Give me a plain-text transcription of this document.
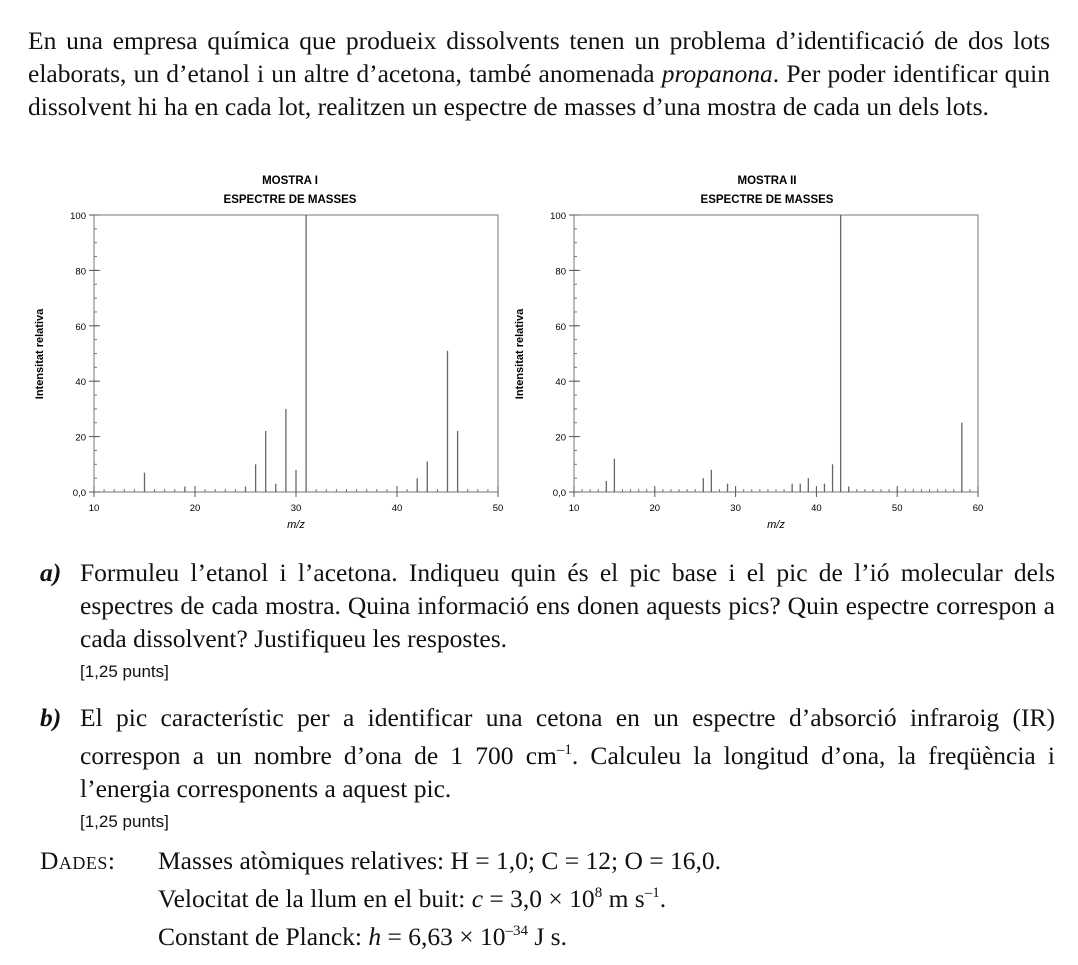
En una empresa química que produeix dissolvents tenen un problema d’identificació de dos lots elaborats, un d’etanol i un altre d’acetona, també anomenada propanona. Per poder identificar quin dissolvent hi ha en cada lot, realitzen un espectre de masses d’una mostra de cada un dels lots.
MOSTRA I
ESPECTRE DE MASSES
0,0
20
40
60
80
100
10	20	30	40	50
Intensitat relativa
m/z
MOSTRA II
ESPECTRE DE MASSES
0,0
20
40
60
80
100
10	20	30	40	50	60
Intensitat relativa
m/z
a) Formuleu l’etanol i l’acetona. Indiqueu quin és el pic base i el pic de l’ió molecular dels espectres de cada mostra. Quina informació ens donen aquests pics? Quin espectre correspon a cada dissolvent? Justifiqueu les respostes.
[1,25 punts]
b) El pic característic per a identificar una cetona en un espectre d’absorció infraroig (IR) correspon a un nombre d’ona de 1 700 $cm^{-1}$. Calculeu la longitud d’ona, la freqüència i l’energia corresponents a aquest pic.
[1,25 punts]
Dades: Masses atòmiques relatives: H = 1,0; C = 12; O = 16,0.
Velocitat de la llum en el buit: $c = 3,0 \times 10^8$ m $s^{-1}$.
Constant de Planck: $h = 6,63 \times 10^{-34}$ J s.
